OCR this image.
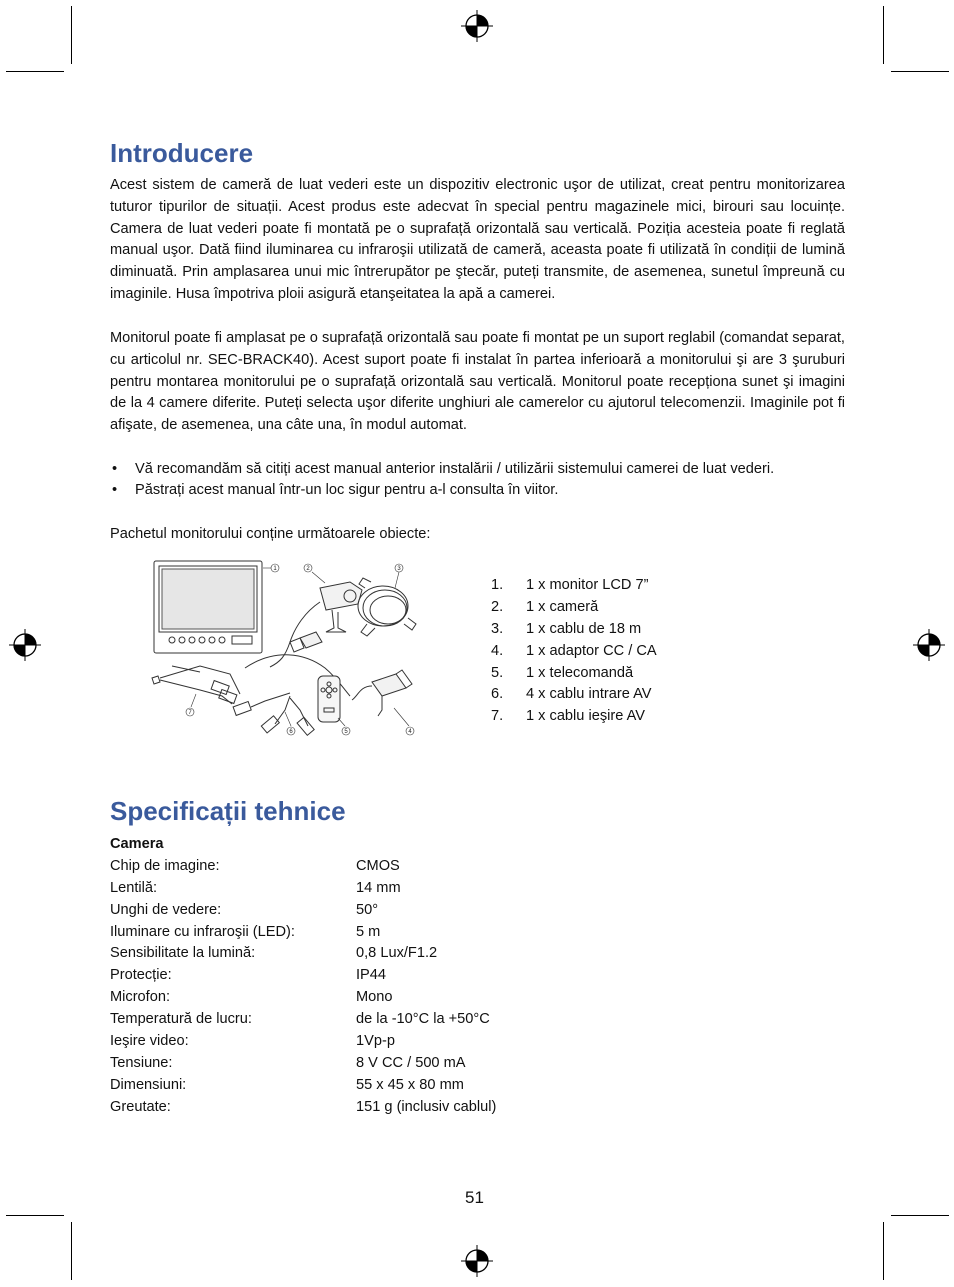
Introducere

Acest sistem de cameră de luat vederi este un dispozitiv electronic uşor de utilizat, creat pentru monitorizarea tuturor tipurilor de situații. Acest produs este adecvat în special pentru magazinele mici, birouri sau locuințe. Camera de luat vederi poate fi montată pe o suprafață orizontală sau verticală. Poziția acesteia poate fi reglată manual uşor. Dată fiind iluminarea cu infraroşii utilizată de cameră, aceasta poate fi utilizată în condiții de lumină diminuată. Prin amplasarea unui mic întrerupător pe ştecăr, puteți transmite, de asemenea, sunetul împreună cu imaginile. Husa împotriva ploii asigură etanşeitatea la apă a camerei.

Monitorul poate fi amplasat pe o suprafață orizontală sau poate fi montat pe un suport reglabil (comandat separat, cu articolul nr. SEC-BRACK40). Acest suport poate fi instalat în partea inferioară a monitorului şi are 3 şuruburi pentru montarea monitorului pe o suprafață orizontală sau verticală. Monitorul poate recepționa sunet şi imagini de la 4 camere diferite. Puteți selecta uşor diferite unghiuri ale camerelor cu ajutorul telecomenzii. Imaginile pot fi afişate, de asemenea, una câte una, în modul automat.

• Vă recomandăm să citiți acest manual anterior instalării / utilizării sistemului camerei de luat vederi.
• Păstrați acest manual într-un loc sigur pentru a-l consulta în viitor.
Pachetul monitorului conține următoarele obiecte:
1	2	3
4
5
6
7
1. 1 x monitor LCD 7”
2. 1 x cameră
3. 1 x cablu de 18 m
4. 1 x adaptor CC / CA
5. 1 x telecomandă
6. 4 x cablu intrare AV
7. 1 x cablu ieşire AV
Specificații tehnice
Camera
Chip de imagine:	CMOS
Lentilă:	14 mm
Unghi de vedere:	50°
Iluminare cu infraroşii (LED):	5 m
Sensibilitate la lumină:	0,8 Lux/F1.2
Protecție:	IP44
Microfon:	Mono
Temperatură de lucru:	de la -10°C la +50°C
Ieşire video:	1Vp-p
Tensiune:	8 V CC / 500 mA
Dimensiuni:	55 x 45 x 80 mm
Greutate:	151 g (inclusiv cablul)
51
